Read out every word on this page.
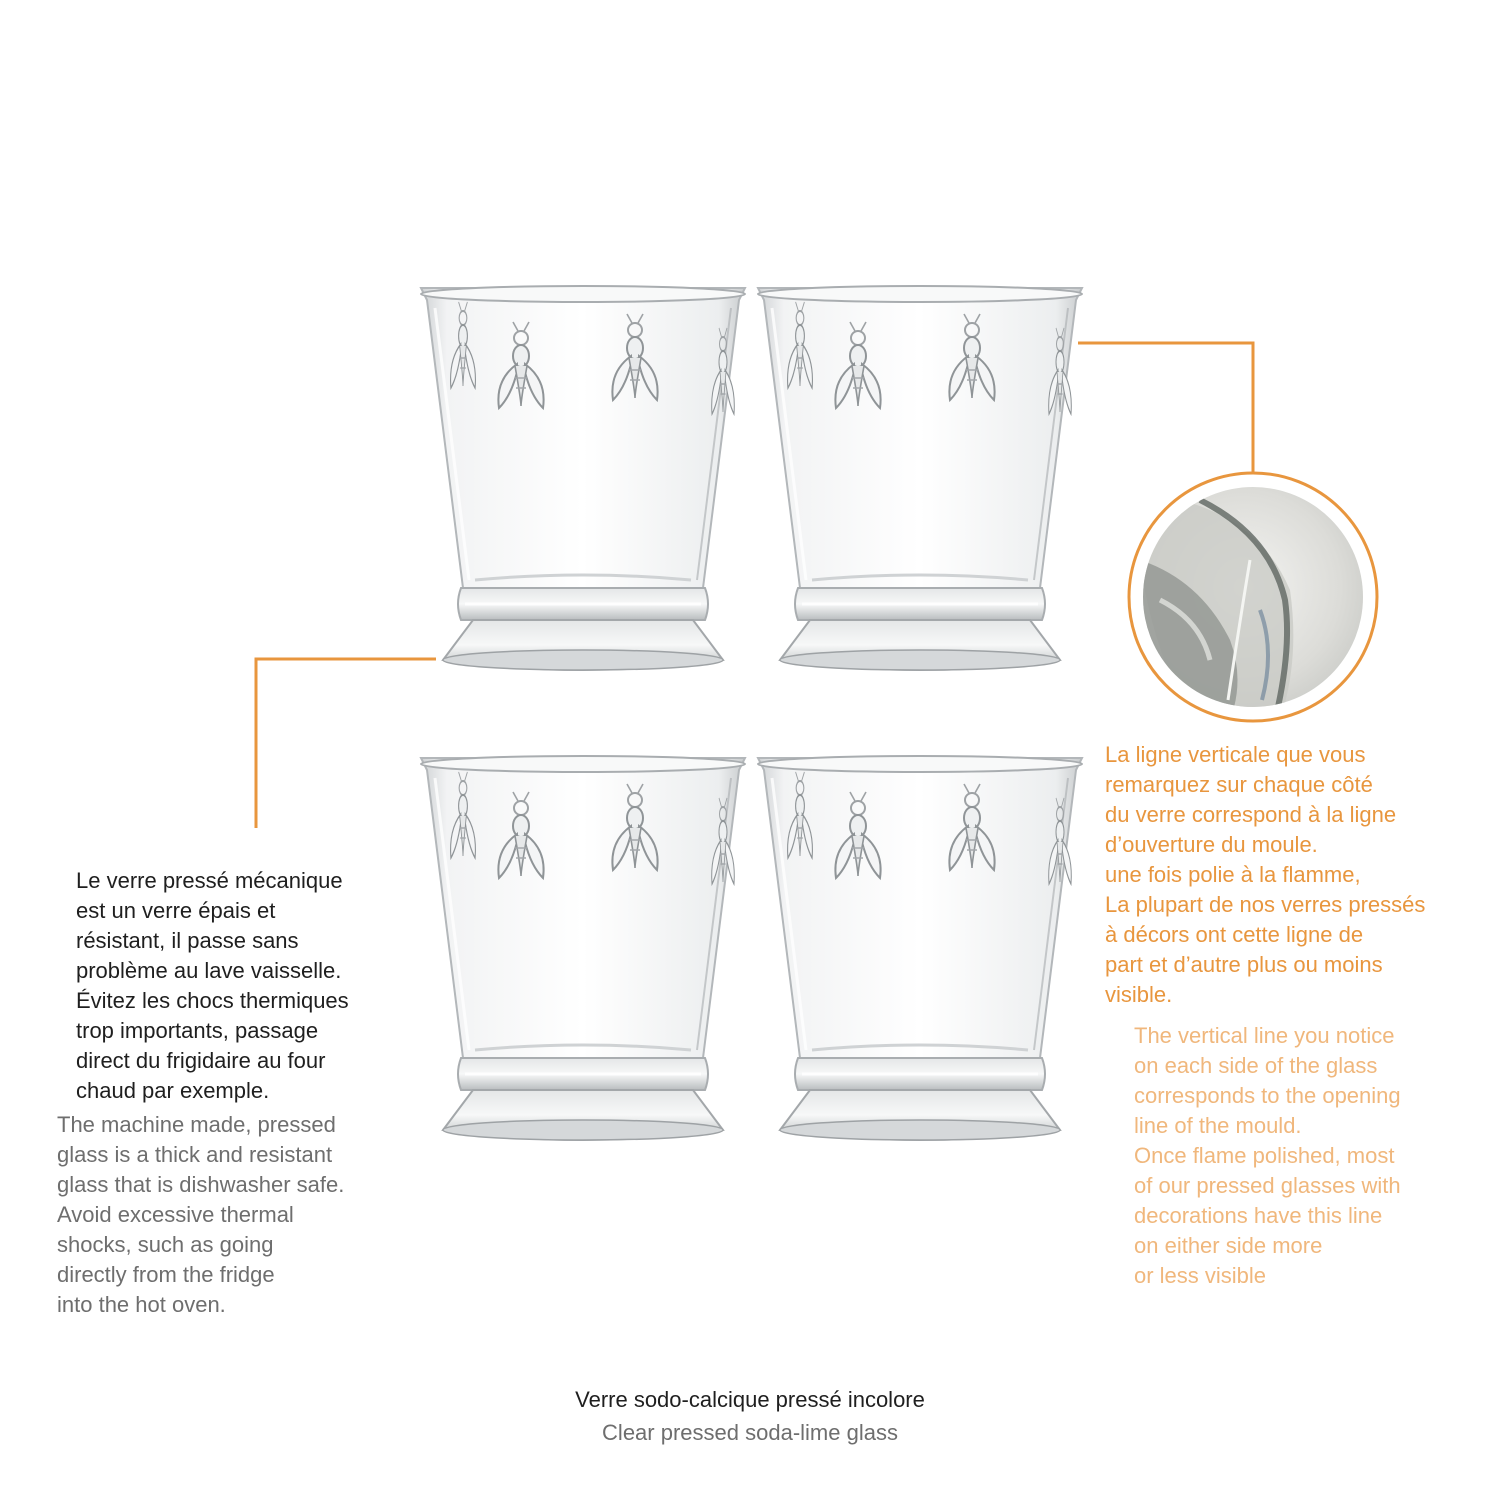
Le verre pressé mécanique

est un verre épais et

résistant, il passe sans

problème au lave vaisselle.

Évitez les chocs thermiques

trop importants, passage

direct du frigidaire au four

chaud par exemple.

The machine made, pressed

glass is a thick and resistant

glass that is dishwasher safe.

Avoid excessive thermal

shocks, such as going

directly from the fridge

into the hot oven.

La ligne verticale que vous

remarquez sur chaque côté

du verre correspond à la ligne

d’ouverture du moule.

une fois polie à la flamme,

La plupart de nos verres pressés

à décors ont cette ligne de

part et d’autre plus ou moins

visible.

The vertical line you notice

on each side of the glass

corresponds to the opening

line of the mould.

Once flame polished, most

of our pressed glasses with

decorations have this line

on either side more

or less visible

Verre sodo-calcique pressé incolore

Clear pressed soda-lime glass
